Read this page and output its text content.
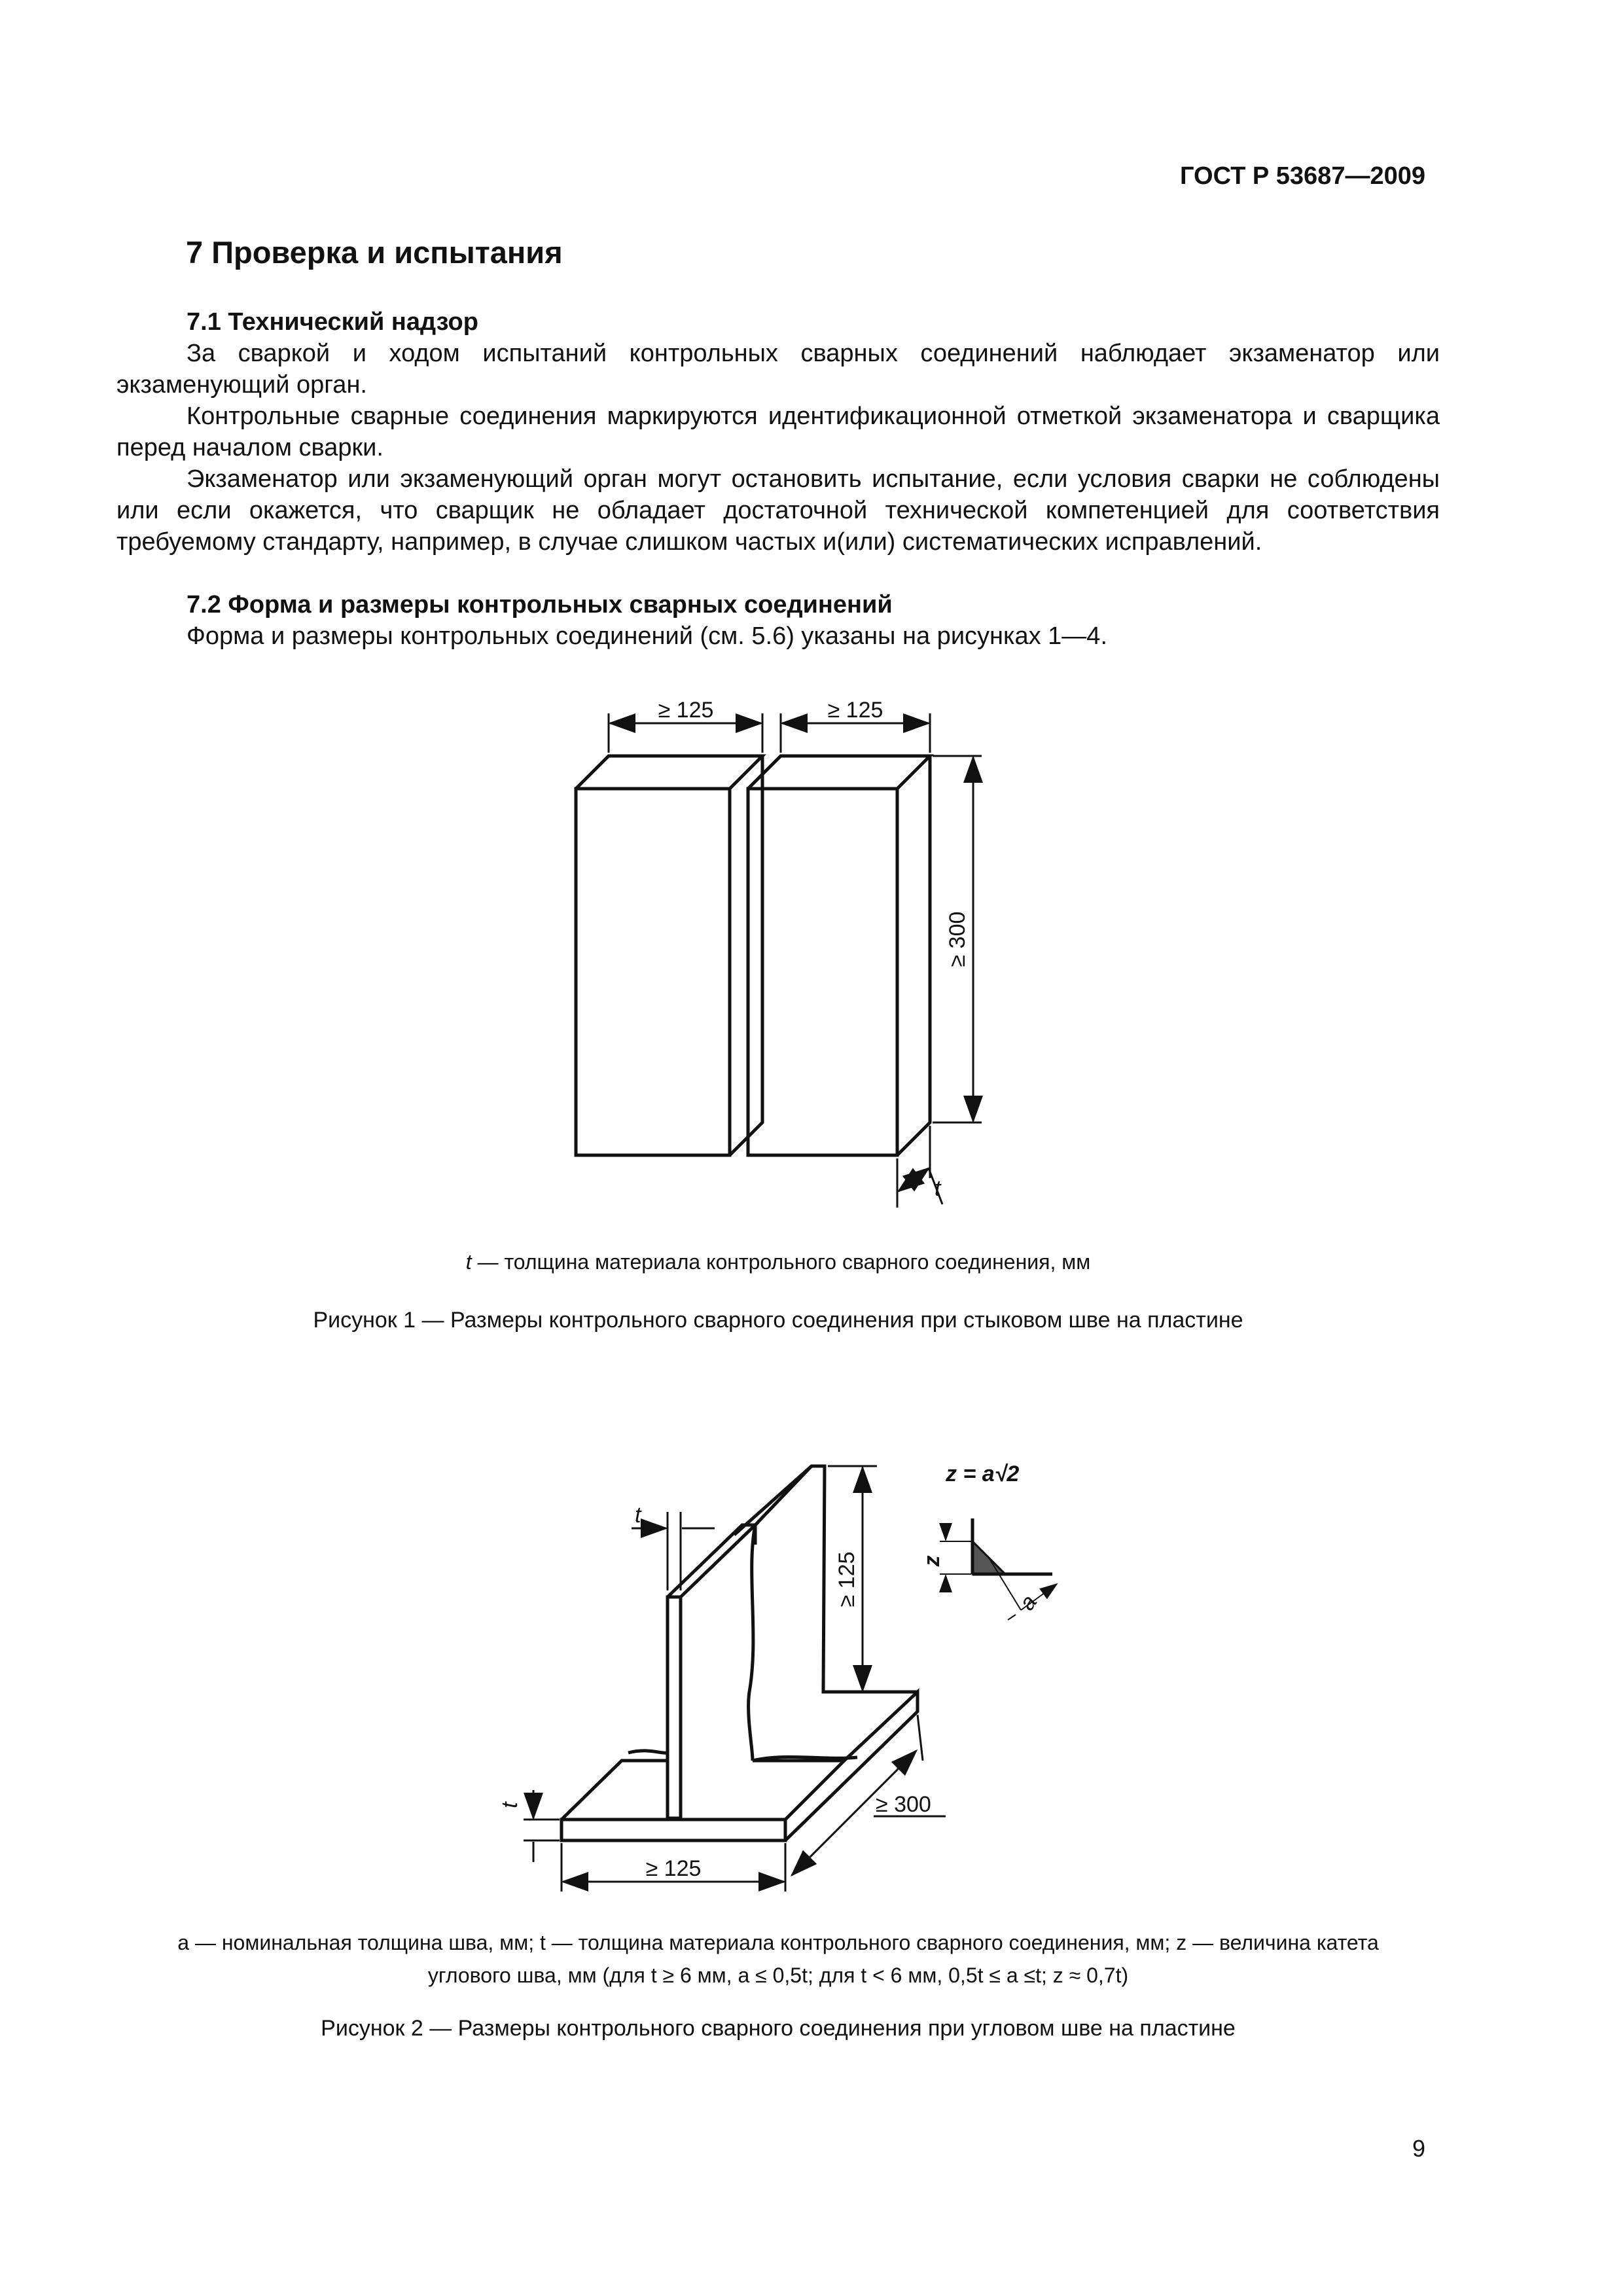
ГОСТ Р 53687—2009
7 Проверка и испытания

7.1 Технический надзор

За сваркой и ходом испытаний контрольных сварных соединений наблюдает экзаменатор или экзаменующий орган.

Контрольные сварные соединения маркируются идентификационной отметкой экзаменатора и сварщика перед началом сварки.

Экзаменатор или экзаменующий орган могут остановить испытание, если условия сварки не соблюдены или если окажется, что сварщик не обладает достаточной технической компетенцией для соответствия требуемому стандарту, например, в случае слишком частых и(или) систематических исправлений.

7.2 Форма и размеры контрольных сварных соединений

Форма и размеры контрольных соединений (см. 5.6) указаны на рисунках 1—4.

≥ 125	≥ 125
≥ 300
t
t — толщина материала контрольного сварного соединения, мм
Рисунок 1 — Размеры контрольного сварного соединения при стыковом шве на пластине
t
≥ 125
t
≥ 125
≥ 300
z = a√2
z
a
a — номинальная толщина шва, мм; t — толщина материала контрольного сварного соединения, мм; z — величина катета
углового шва, мм (для t ≥ 6 мм, a ≤ 0,5t; для t < 6 мм, 0,5t ≤ a ≤t; z ≈ 0,7t)
Рисунок 2 — Размеры контрольного сварного соединения при угловом шве на пластине
9
